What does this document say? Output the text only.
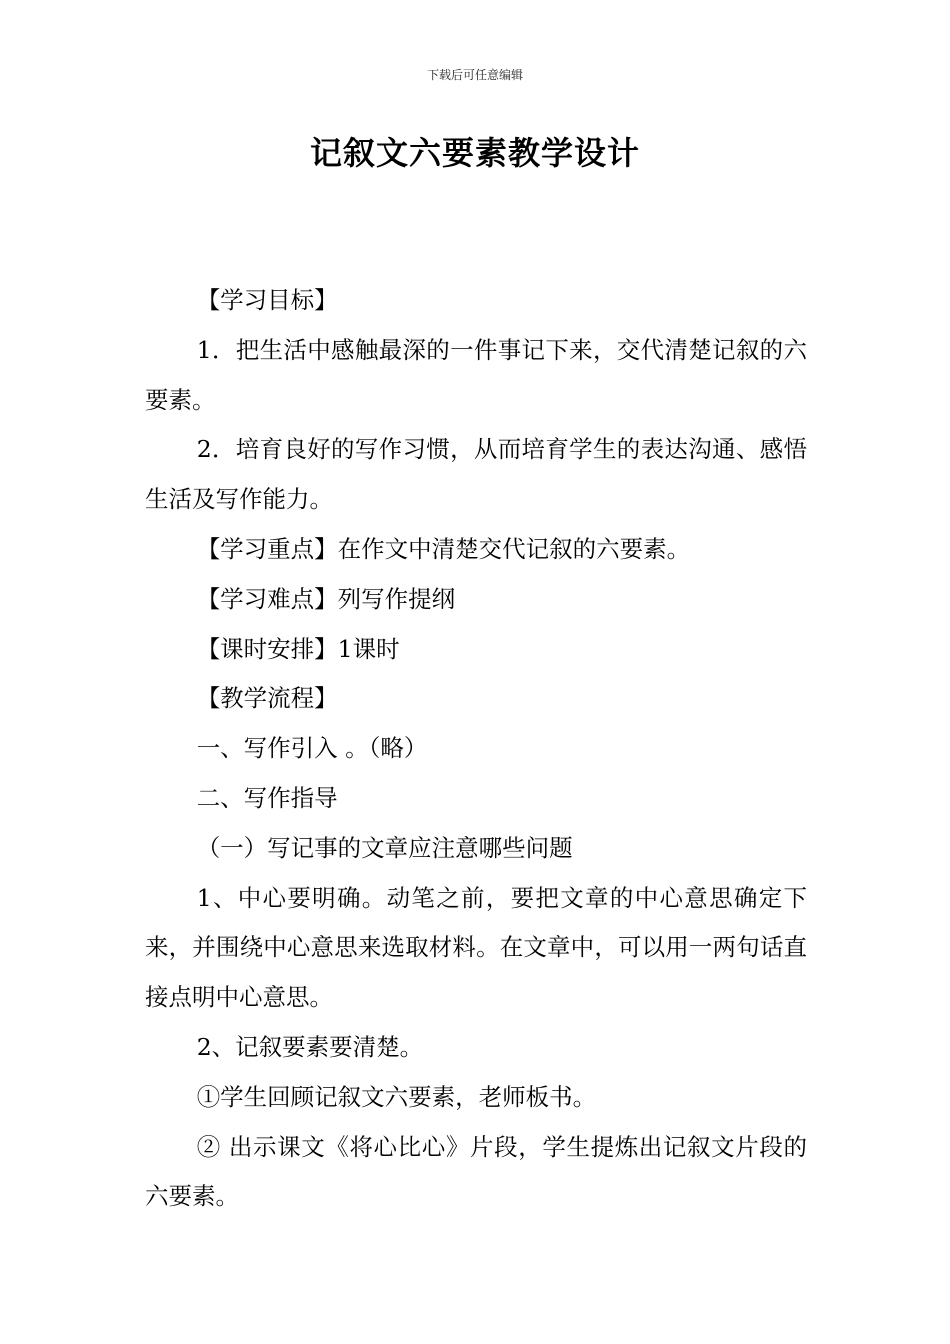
下载后可任意编辑
记叙文六要素教学设计

【学习目标】

1．把生活中感触最深的一件事记下来，交代清楚记叙的六要素。

2．培育良好的写作习惯，从而培育学生的表达沟通、感悟生活及写作能力。

【学习重点】在作文中清楚交代记叙的六要素。

【学习难点】列写作提纲

【课时安排】1课时

【教学流程】

一、写作引入 。（略）

二、写作指导

（一）写记事的文章应注意哪些问题

1、中心要明确。动笔之前，要把文章的中心意思确定下来，并围绕中心意思来选取材料。在文章中，可以用一两句话直接点明中心意思。

2、记叙要素要清楚。

①学生回顾记叙文六要素，老师板书。

② 出示课文《将心比心》片段，学生提炼出记叙文片段的六要素。
